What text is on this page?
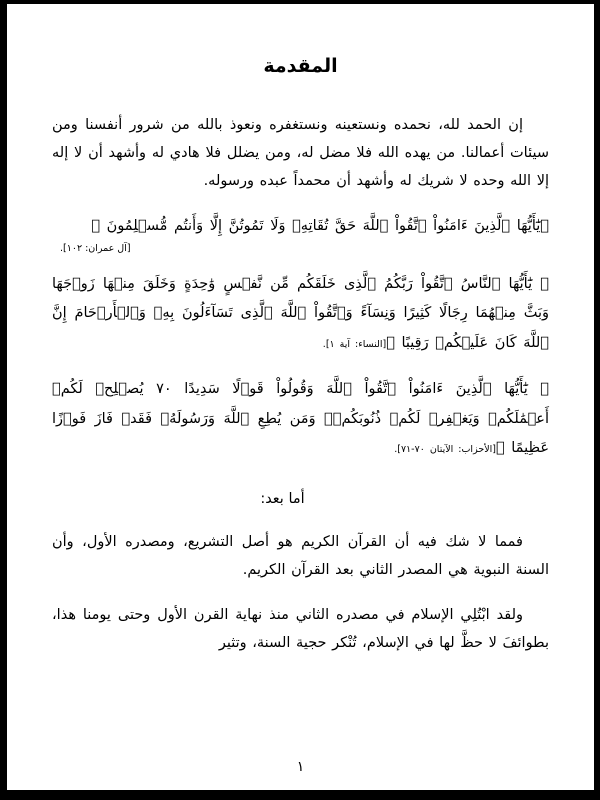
المقدمة

إن الحمد لله، نحمده ونستعينه ونستغفره ونعوذ بالله من شرور أنفسنا ومن سيئات أعمالنا. من يهده الله فلا مضل له، ومن يضلل فلا هادي له وأشهد أن لا إله إلا الله وحده لا شريك له وأشهد أن محمداً عبده ورسوله.

﴿يَٰٓأَيُّهَا ٱلَّذِينَ ءَامَنُواْ ٱتَّقُواْ ٱللَّهَ حَقَّ تُقَاتِهِۦ وَلَا تَمُوتُنَّ إِلَّا وَأَنتُم مُّسۡلِمُونَ ﴾

[آل عمران: ١٠٢].

﴿ يَٰٓأَيُّهَا ٱلنَّاسُ ٱتَّقُواْ رَبَّكُمُ ٱلَّذِى خَلَقَكُم مِّن نَّفۡسٍ وَٰحِدَةٍ وَخَلَقَ مِنۡهَا زَوۡجَهَا وَبَثَّ مِنۡهُمَا رِجَالًا كَثِيرًا وَنِسَآءً وَٱتَّقُواْ ٱللَّهَ ٱلَّذِى تَسَآءَلُونَ بِهِۦ وَٱلۡأَرۡحَامَ إِنَّ ٱللَّهَ كَانَ عَلَيۡكُمۡ رَقِيبًا ﴾[النساء: آية ١].

﴿ يَٰٓأَيُّهَا ٱلَّذِينَ ءَامَنُواْ ٱتَّقُواْ ٱللَّهَ وَقُولُواْ قَوۡلًا سَدِيدًا ٧٠ يُصۡلِحۡ لَكُمۡ أَعۡمَٰلَكُمۡ وَيَغۡفِرۡ لَكُمۡ ذُنُوبَكُمۡۗ وَمَن يُطِعِ ٱللَّهَ وَرَسُولَهُۥ فَقَدۡ فَازَ فَوۡزًا عَظِيمًا ﴾[الأحزاب: الآيتان ٧٠-٧١].

أما بعد:

فمما لا شك فيه أن القرآن الكريم هو أصل التشريع، ومصدره الأول، وأن السنة النبوية هي المصدر الثاني بعد القرآن الكريم.

ولقد ابْتُلِي الإسلام في مصدره الثاني منذ نهاية القرن الأول وحتى يومنا هذا، بطوائفَ لا حظَّ لها في الإسلام، تُنْكر حجية السنة، وتثير

١
